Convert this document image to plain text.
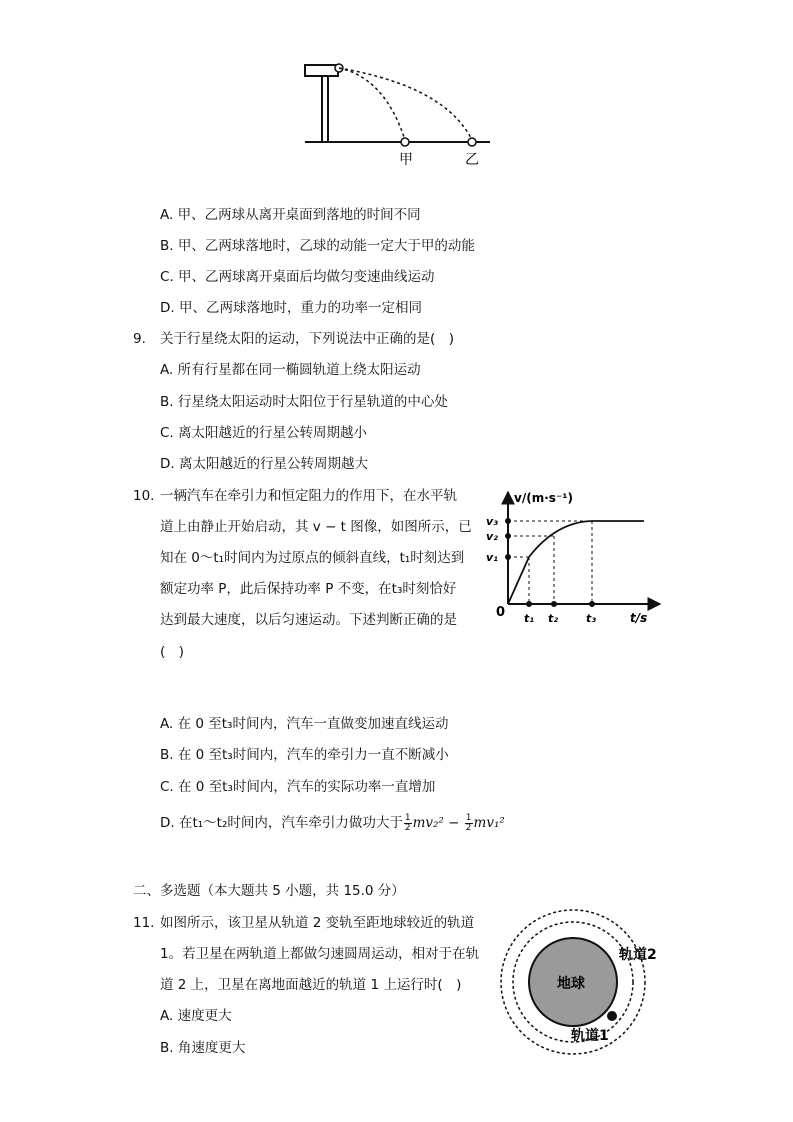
甲	乙
A. 甲、乙两球从离开桌面到落地的时间不同
B. 甲、乙两球落地时，乙球的动能一定大于甲的动能
C. 甲、乙两球离开桌面后均做匀变速曲线运动
D. 甲、乙两球落地时，重力的功率一定相同
9. 关于行星绕太阳的运动，下列说法中正确的是(　)
A. 所有行星都在同一椭圆轨道上绕太阳运动
B. 行星绕太阳运动时太阳位于行星轨道的中心处
C. 离太阳越近的行星公转周期越小
D. 离太阳越近的行星公转周期越大
10. 一辆汽车在牵引力和恒定阻力的作用下，在水平轨
道上由静止开始启动，其 v − t 图像，如图所示，已
知在 0～t₁时间内为过原点的倾斜直线，t₁时刻达到
额定功率 P，此后保持功率 P 不变，在t₃时刻恰好
达到最大速度，以后匀速运动。下述判断正确的是
(　)
v/(m·s⁻¹)
t/s
0
v₃
v₂
v₁
t₁ t₂	t₃
A. 在 0 至t₃时间内，汽车一直做变加速直线运动
B. 在 0 至t₃时间内，汽车的牵引力一直不断减小
C. 在 0 至t₃时间内，汽车的实际功率一直增加
D. 在t₁～t₂时间内，汽车牵引力做功大于 $\frac{1}{2} mv_2^2 - \frac{1}{2} mv_1^2$
二、多选题（本大题共 5 小题，共 15.0 分）
11. 如图所示，该卫星从轨道 2 变轨至距地球较近的轨道
1。若卫星在两轨道上都做匀速圆周运动，相对于在轨
道 2 上，卫星在离地面越近的轨道 1 上运行时(　)
A. 速度更大
B. 角速度更大
地球
轨道2
轨道1
